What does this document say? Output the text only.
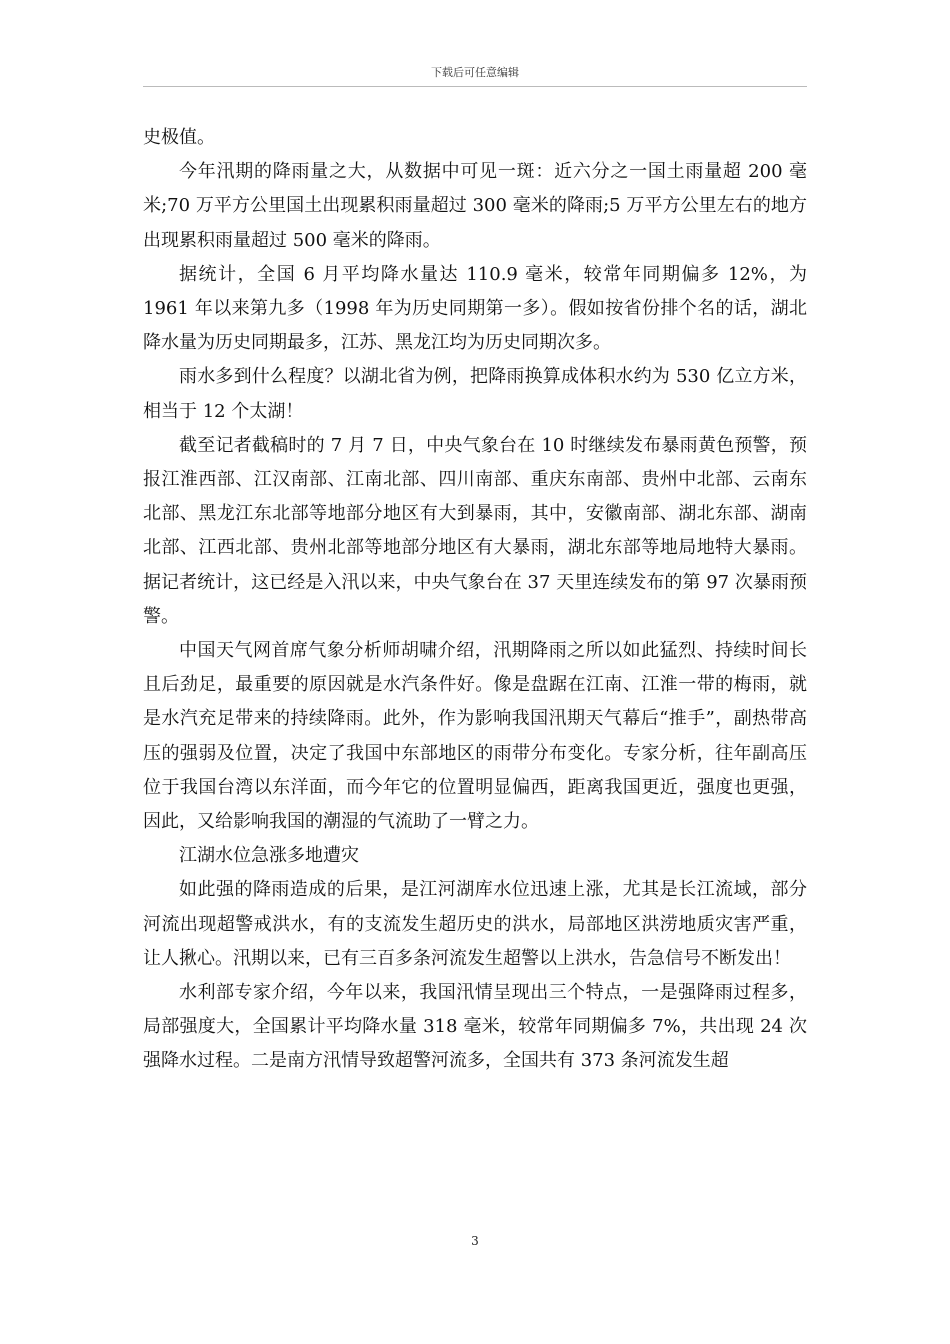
下载后可任意编辑

史极值。

今年汛期的降雨量之大，从数据中可见一斑：近六分之一国土雨量超 200 毫米;70 万平方公里国土出现累积雨量超过 300 毫米的降雨;5 万平方公里左右的地方出现累积雨量超过 500 毫米的降雨。

据统计，全国 6 月平均降水量达 110.9 毫米，较常年同期偏多 12%，为 1961 年以来第九多（1998 年为历史同期第一多）。假如按省份排个名的话，湖北降水量为历史同期最多，江苏、黑龙江均为历史同期次多。

雨水多到什么程度？以湖北省为例，把降雨换算成体积水约为 530 亿立方米，相当于 12 个太湖！

截至记者截稿时的 7 月 7 日，中央气象台在 10 时继续发布暴雨黄色预警，预报江淮西部、江汉南部、江南北部、四川南部、重庆东南部、贵州中北部、云南东北部、黑龙江东北部等地部分地区有大到暴雨，其中，安徽南部、湖北东部、湖南北部、江西北部、贵州北部等地部分地区有大暴雨，湖北东部等地局地特大暴雨。据记者统计，这已经是入汛以来，中央气象台在 37 天里连续发布的第 97 次暴雨预警。

中国天气网首席气象分析师胡啸介绍，汛期降雨之所以如此猛烈、持续时间长且后劲足，最重要的原因就是水汽条件好。像是盘踞在江南、江淮一带的梅雨，就是水汽充足带来的持续降雨。此外，作为影响我国汛期天气幕后“推手”，副热带高压的强弱及位置，决定了我国中东部地区的雨带分布变化。专家分析，往年副高压位于我国台湾以东洋面，而今年它的位置明显偏西，距离我国更近，强度也更强，因此，又给影响我国的潮湿的气流助了一臂之力。

江湖水位急涨多地遭灾

如此强的降雨造成的后果，是江河湖库水位迅速上涨，尤其是长江流域，部分河流出现超警戒洪水，有的支流发生超历史的洪水，局部地区洪涝地质灾害严重，让人揪心。汛期以来，已有三百多条河流发生超警以上洪水，告急信号不断发出！

水利部专家介绍，今年以来，我国汛情呈现出三个特点，一是强降雨过程多，局部强度大，全国累计平均降水量 318 毫米，较常年同期偏多 7%，共出现 24 次强降水过程。二是南方汛情导致超警河流多，全国共有 373 条河流发生超

3
